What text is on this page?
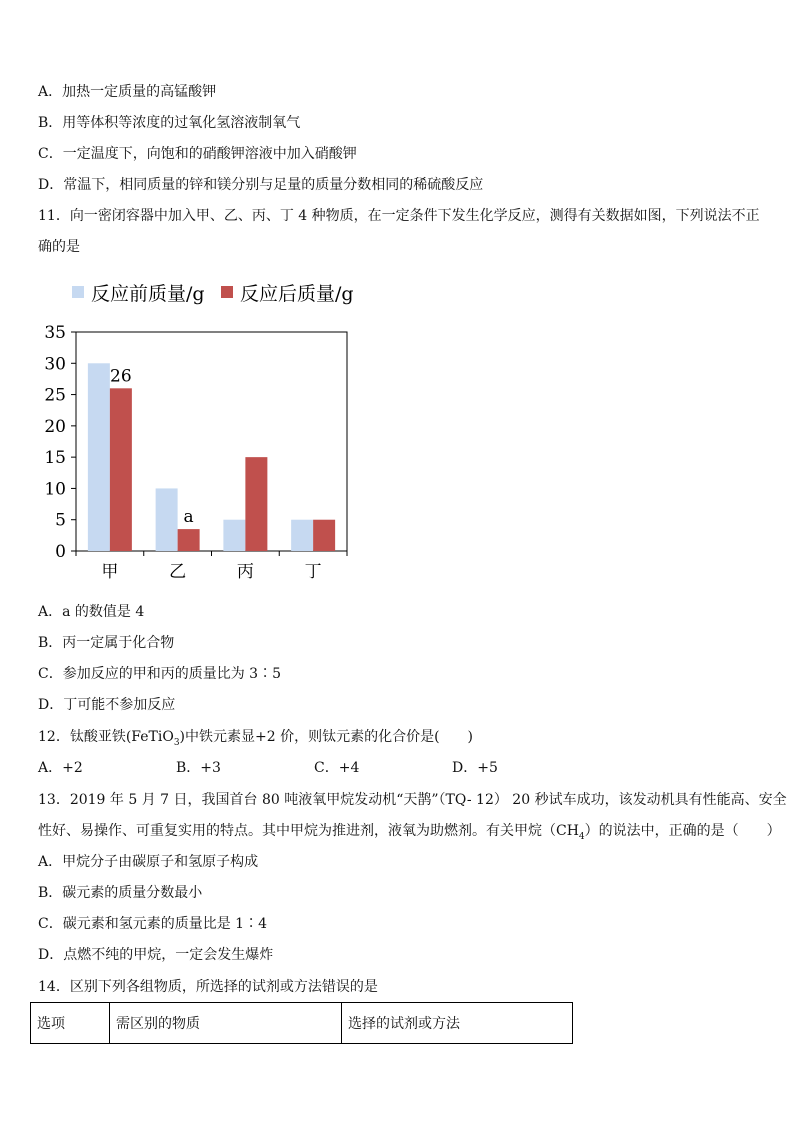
A．加热一定质量的高锰酸钾
B．用等体积等浓度的过氧化氢溶液制氧气
C．一定温度下，向饱和的硝酸钾溶液中加入硝酸钾
D．常温下，相同质量的锌和镁分别与足量的质量分数相同的稀硫酸反应
11．向一密闭容器中加入甲、乙、丙、丁 4 种物质，在一定条件下发生化学反应，测得有关数据如图，下列说法不正
确的是
反应前质量/g 反应后质量/g
0
5
10
15
20
25
30
35
甲	乙	丙	丁
26
a
A．a 的数值是 4
B．丙一定属于化合物
C．参加反应的甲和丙的质量比为 3∶5
D．丁可能不参加反应
12．钛酸亚铁(FeTiO$_3$)中铁元素显+2 价，则钛元素的化合价是(　　)
A．+2	B．+3	C．+4	D．+5
13．2019 年 5 月 7 日，我国首台 80 吨液氧甲烷发动机“天鹊”（TQ- 12） 20 秒试车成功，该发动机具有性能高、安全
性好、易操作、可重复实用的特点。其中甲烷为推进剂，液氧为助燃剂。有关甲烷$(CH_4)$的说法中，正确的是（　　）
A．甲烷分子由碳原子和氢原子构成
B．碳元素的质量分数最小
C．碳元素和氢元素的质量比是 1∶4
D．点燃不纯的甲烷，一定会发生爆炸
14．区别下列各组物质，所选择的试剂或方法错误的是
选项	需区别的物质	选择的试剂或方法
